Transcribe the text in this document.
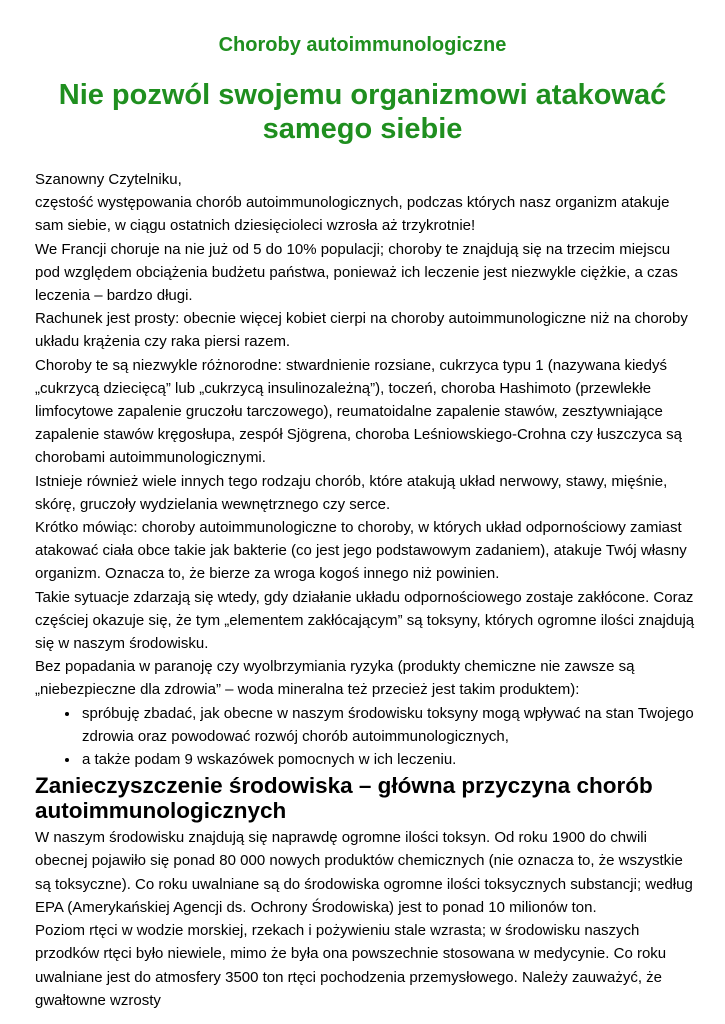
Choroby autoimmunologiczne

Nie pozwól swojemu organizmowi atakować samego siebie

Szanowny Czytelniku,

częstość występowania chorób autoimmunologicznych, podczas których nasz organizm atakuje sam siebie, w ciągu ostatnich dziesięcioleci wzrosła aż trzykrotnie!

We Francji choruje na nie już od 5 do 10% populacji; choroby te znajdują się na trzecim miejscu pod względem obciążenia budżetu państwa, ponieważ ich leczenie jest niezwykle ciężkie, a czas leczenia – bardzo długi.

Rachunek jest prosty: obecnie więcej kobiet cierpi na choroby autoimmunologiczne niż na choroby układu krążenia czy raka piersi razem.

Choroby te są niezwykle różnorodne: stwardnienie rozsiane, cukrzyca typu 1 (nazywana kiedyś „cukrzycą dziecięcą” lub „cukrzycą insulinozależną”), toczeń, choroba Hashimoto (przewlekłe limfocytowe zapalenie gruczołu tarczowego), reumatoidalne zapalenie stawów, zesztywniające zapalenie stawów kręgosłupa, zespół Sjögrena, choroba Leśniowskiego-Crohna czy łuszczyca są chorobami autoimmunologicznymi.

Istnieje również wiele innych tego rodzaju chorób, które atakują układ nerwowy, stawy, mięśnie, skórę, gruczoły wydzielania wewnętrznego czy serce.

Krótko mówiąc: choroby autoimmunologiczne to choroby, w których układ odpornościowy zamiast atakować ciała obce takie jak bakterie (co jest jego podstawowym zadaniem), atakuje Twój własny organizm. Oznacza to, że bierze za wroga kogoś innego niż powinien.

Takie sytuacje zdarzają się wtedy, gdy działanie układu odpornościowego zostaje zakłócone. Coraz częściej okazuje się, że tym „elementem zakłócającym” są toksyny, których ogromne ilości znajdują się w naszym środowisku.

Bez popadania w paranoję czy wyolbrzymiania ryzyka (produkty chemiczne nie zawsze są „niebezpieczne dla zdrowia” – woda mineralna też przecież jest takim produktem):

• spróbuję zbadać, jak obecne w naszym środowisku toksyny mogą wpływać na stan Twojego zdrowia oraz powodować rozwój chorób autoimmunologicznych,
• a także podam 9 wskazówek pomocnych w ich leczeniu.
Zanieczyszczenie środowiska – główna przyczyna chorób autoimmunologicznych

W naszym środowisku znajdują się naprawdę ogromne ilości toksyn. Od roku 1900 do chwili obecnej pojawiło się ponad 80 000 nowych produktów chemicznych (nie oznacza to, że wszystkie są toksyczne). Co roku uwalniane są do środowiska ogromne ilości toksycznych substancji; według EPA (Amerykańskiej Agencji ds. Ochrony Środowiska) jest to ponad 10 milionów ton.

Poziom rtęci w wodzie morskiej, rzekach i pożywieniu stale wzrasta; w środowisku naszych przodków rtęci było niewiele, mimo że była ona powszechnie stosowana w medycynie. Co roku uwalniane jest do atmosfery 3500 ton rtęci pochodzenia przemysłowego. Należy zauważyć, że gwałtowne wzrosty
